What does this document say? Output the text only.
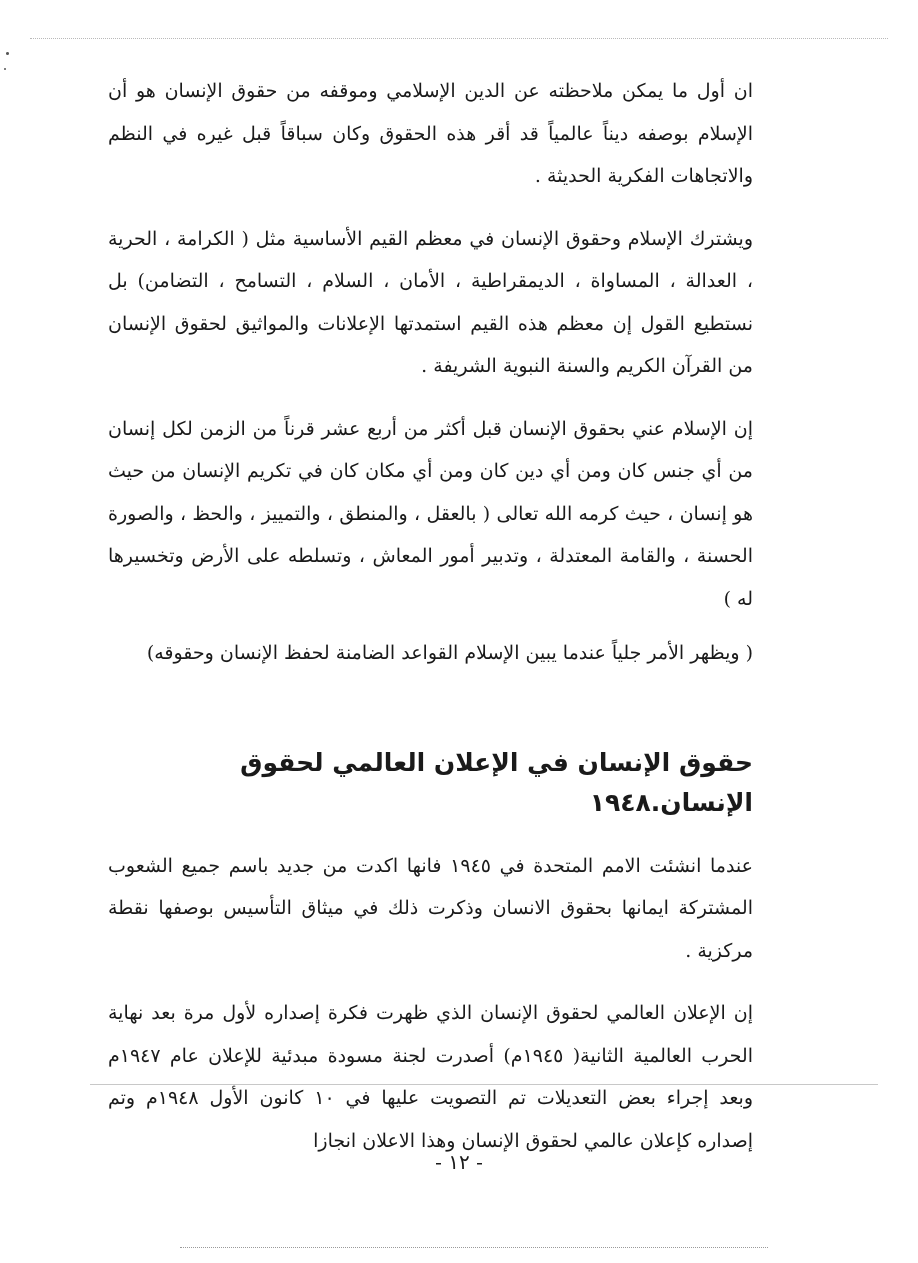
ان أول ما يمكن ملاحظته عن الدين الإسلامي وموقفه من حقوق الإنسان هو أن الإسلام بوصفه ديناً عالمياً قد أقر هذه الحقوق وكان سباقاً قبل غيره في النظم والاتجاهات الفكرية الحديثة .

ويشترك الإسلام وحقوق الإنسان في معظم القيم الأساسية مثل ( الكرامة ، الحرية ، العدالة ، المساواة ، الديمقراطية ، الأمان ، السلام ، التسامح ، التضامن) بل نستطيع القول إن معظم هذه القيم استمدتها الإعلانات والمواثيق لحقوق الإنسان من القرآن الكريم والسنة النبوية الشريفة .

إن الإسلام عني بحقوق الإنسان قبل أكثر من أربع عشر قرناً من الزمن لكل إنسان من أي جنس كان ومن أي دين كان ومن أي مكان كان في تكريم الإنسان من حيث هو إنسان ، حيث كرمه الله تعالى ( بالعقل ، والمنطق ، والتمييز ، والحظ ، والصورة الحسنة ، والقامة المعتدلة ، وتدبير أمور المعاش ، وتسلطه على الأرض وتخسيرها له )

( ويظهر الأمر جلياً عندما يبين الإسلام القواعد الضامنة لحفظ الإنسان وحقوقه)

حقوق الإنسان في الإعلان العالمي لحقوق الإنسان.١٩٤٨

عندما انشئت الامم المتحدة في ١٩٤٥ فانها اكدت من جديد باسم جميع الشعوب المشتركة ايمانها بحقوق الانسان وذكرت ذلك في ميثاق التأسيس بوصفها نقطة مركزية .

إن الإعلان العالمي لحقوق الإنسان الذي ظهرت فكرة إصداره لأول مرة بعد نهاية الحرب العالمية الثانية( ١٩٤٥م) أصدرت لجنة مسودة مبدئية للإعلان عام ١٩٤٧م وبعد إجراء بعض التعديلات تم التصويت عليها في ١٠ كانون الأول ١٩٤٨م وتم إصداره كإعلان عالمي لحقوق الإنسان وهذا الاعلان انجازا

- ١٢ -
